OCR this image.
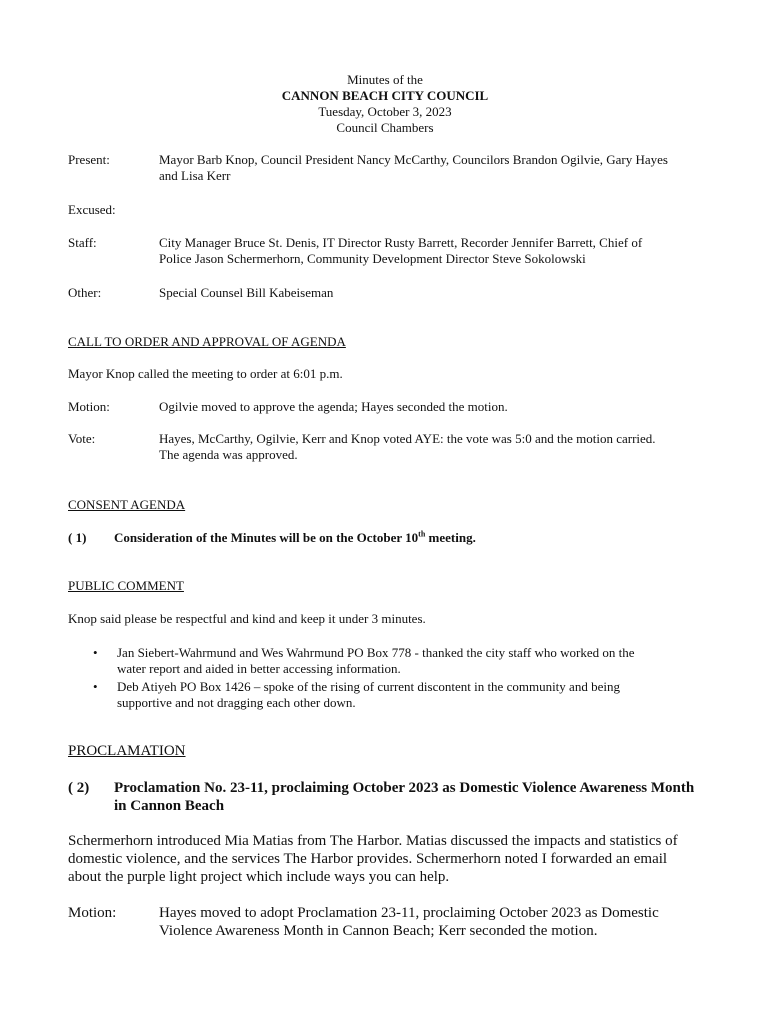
Minutes of the
CANNON BEACH CITY COUNCIL
Tuesday, October 3, 2023
Council Chambers
Present:	Mayor Barb Knop, Council President Nancy McCarthy, Councilors Brandon Ogilvie, Gary Hayes
and Lisa Kerr
Excused:
Staff:	City Manager Bruce St. Denis, IT Director Rusty Barrett, Recorder Jennifer Barrett, Chief of
Police Jason Schermerhorn, Community Development Director Steve Sokolowski
Other:	Special Counsel Bill Kabeiseman
CALL TO ORDER AND APPROVAL OF AGENDA
Mayor Knop called the meeting to order at 6:01 p.m.
Motion:	Ogilvie moved to approve the agenda; Hayes seconded the motion.
Vote:	Hayes, McCarthy, Ogilvie, Kerr and Knop voted AYE: the vote was 5:0 and the motion carried.
The agenda was approved.
CONSENT AGENDA
( 1) Consideration of the Minutes will be on the October 10th meeting.
PUBLIC COMMENT
Knop said please be respectful and kind and keep it under 3 minutes.
• Jan Siebert-Wahrmund and Wes Wahrmund PO Box 778 - thanked the city staff who worked on the
water report and aided in better accessing information.
• Deb Atiyeh PO Box 1426 – spoke of the rising of current discontent in the community and being
supportive and not dragging each other down.
PROCLAMATION
( 2) Proclamation No. 23-11, proclaiming October 2023 as Domestic Violence Awareness Month
in Cannon Beach
Schermerhorn introduced Mia Matias from The Harbor. Matias discussed the impacts and statistics of
domestic violence, and the services The Harbor provides. Schermerhorn noted I forwarded an email
about the purple light project which include ways you can help.
Motion:	Hayes moved to adopt Proclamation 23-11, proclaiming October 2023 as Domestic
Violence Awareness Month in Cannon Beach; Kerr seconded the motion.
